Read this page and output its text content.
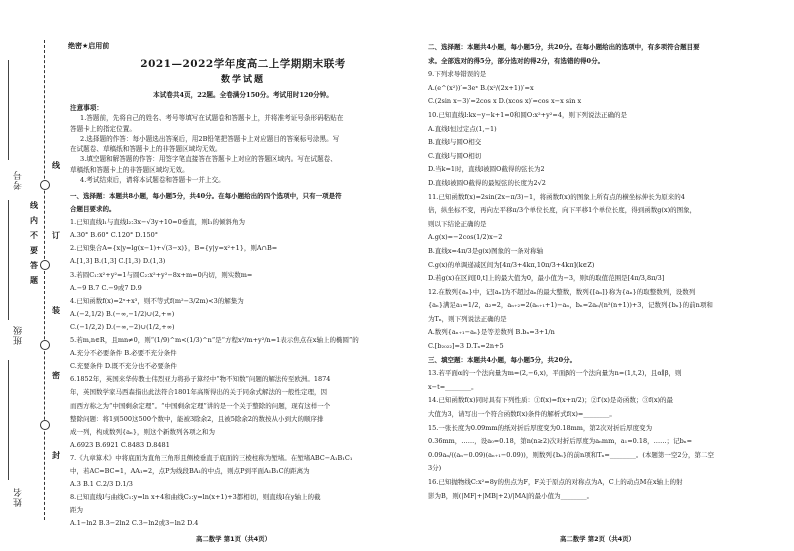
考号
班级
姓名
线
订
装
线
内
不
要
答
题
密
封
绝密★启用前
2021—2022学年度高二上学期期末联考
数学试题
本试卷共4页，22题。全卷满分150分。考试用时120分钟。

注意事项：

1.答题前，先将自己的姓名、考号等填写在试题卷和答题卡上，并将准考证号条形码粘贴在

答题卡上的指定位置。

2.选择题的作答：每小题选出答案后，用2B铅笔把答题卡上对应题目的答案标号涂黑。写

在试题卷、草稿纸和答题卡上的非答题区域均无效。

3.填空题和解答题的作答：用签字笔直接答在答题卡上对应的答题区域内。写在试题卷、

草稿纸和答题卡上的非答题区域均无效。

4.考试结束后，请将本试题卷和答题卡一并上交。

一、选择题：本题共8小题，每小题5分，共40分。在每小题给出的四个选项中，只有一项是符

合题目要求的。

1.已知直线l₁与直线l₂:3x−√3y+10=0垂直，则l₁的倾斜角为

A.30° B.60° C.120° D.150°

2.已知集合A={x|y=lg(x−1)+√(3−x)}，B={y|y=x²+1}，则A∩B=

A.[1,3] B.(1,3] C.[1,3) D.(1,3)

3.若圆C₁:x²+y²=1与圆C₂:x²+y²−8x+m=0内切，则实数m=

A.−9 B.7 C.−9或7 D.9

4.已知函数f(x)=2ˣ+x³，则不等式f(m²−3/2m)<3的解集为

A.(−2,1/2) B.(−∞,−1/2)∪(2,+∞)

C.(−1/2,2) D.(−∞,−2)∪(1/2,+∞)

5.若m,n∈R，且mn≠0，则“(1/9)^m<(1/3)^n”是“方程x²/m+y²/n=1表示焦点在x轴上的椭圆”的

A.充分不必要条件 B.必要不充分条件

C.充要条件 D.既不充分也不必要条件

6.1852年，英国来华传教士伟烈亚力将孙子算经中“物不知数”问题的解法传至欧洲。1874

年，英国数学家马西森指出此法符合1801年高斯得出的关于同余式解法的一般性定理，因

而西方称之为“中国剩余定理”。“中国剩余定理”讲的是一个关于整除的问题，现有这样一个

整除问题：将1到500这500个数中，能被3除余2，且被5除余2的数按从小到大的顺序排

成一列，构成数列{aₙ}，则这个新数列各项之和为

A.6923 B.6921 C.8483 D.8481

7.《九章算术》中将底面为直角三角形且侧棱垂直于底面的三棱柱称为堑堵。在堑堵ABC−A₁B₁C₁

中，若AC=BC=1，AA₁=2，点P为线段BA₁的中点，则点P到平面A₁B₁C的距离为

A.3 B.1 C.2/3 D.1/3

8.已知直线l与曲线C₁:y=ln x+4和曲线C₂:y=ln(x+1)+3都相切，则直线l在y轴上的截

距为

A.1−ln2 B.3−2ln2 C.3−ln2或3−ln2 D.4

二、选择题：本题共4小题，每小题5分，共20分。在每小题给出的选项中，有多项符合题目要

求。全部选对的得5分，部分选对的得2分，有选错的得0分。

9.下列求导错误的是

A.(e^(x²))′=3eˣ B.(x²/(2x+1))′=x

C.(2sin x−3)′=2cos x D.(xcos x)′=cos x−x sin x

10.已知直线l:kx−y−k+1=0和圆O:x²+y²=4，则下列说法正确的是

A.直线l恒过定点(1,−1)

B.直线l与圆O相交

C.直线l与圆O相切

D.当k=1时，直线l被圆O截得的弦长为2

D.直线l被圆O截得的最短弦的长度为2√2

11.已知函数f(x)=2sin(2x−π/3)−1，将函数f(x)的图象上所有点的横坐标伸长为原来的4

倍，纵坐标不变，再向左平移π/3个单位长度，向下平移1个单位长度，得到函数g(x)的图象，

则以下结论正确的是

A.g(x)=−2cos(1/2)x−2

B.直线x=4π/3是g(x)图象的一条对称轴

C.g(x)的单调递减区间为[4π/3+4kπ,10π/3+4kπ](k∈Z)

D.若g(x)在区间[0,t]上的最大值为0，最小值为−3，则t的取值范围是[4π/3,8π/3]

12.在数列{aₙ}中，记[aₙ]为不超过aₙ的最大整数，数列{[aₙ]}称为{aₙ}的取整数列，设数列

{aₙ}满足a₁=1/2，a₂=2，aₙ₊₂=2(aₙ₊₁+1)−aₙ，bₙ=2aₙ/(n²(n+1))+3，记数列{bₙ}的前n项和

为Tₙ，则下列说法正确的是

A.数列{aₙ₊₁−aₙ}是等差数列 B.bₙ=3+1/n

C.[b₂₀₂₂]=3 D.Tₙ=2n+5

三、填空题：本题共4小题，每小题5分，共20分。

13.若平面α的一个法向量为m=(2,−6,x)，平面β的一个法向量为n=(1,t,2)，且α∥β，则

x−t=________。

14.已知函数f(x)同时具有下列性质：①f(x)=f(x+π/2)；②f′(x)是奇函数；③f(x)的最

大值为3，请写出一个符合函数f(x)条件的解析式f(x)=________。

15.一张长度为0.09mm的纸对折后厚度变为0.18mm，第2次对折后厚度变为

0.36mm，……，设a₀=0.18，第n(n≥2)次对折后厚度为aₙmm，a₁=0.18，……；记bₙ=

0.09aₙ/((aₙ−0.09)(aₙ₊₁−0.09))，则数列{bₙ}的前n项和Tₙ=________。(本题第一空2分，第二空

3分)

16.已知抛物线C:x²=8y的焦点为F，F关于原点的对称点为A，C上的动点M在x轴上的射

影为B，则(|MF|+|MB|+2)/|MA|的最小值为________。

高二数学 第1页（共4页）	高二数学 第2页（共4页）
